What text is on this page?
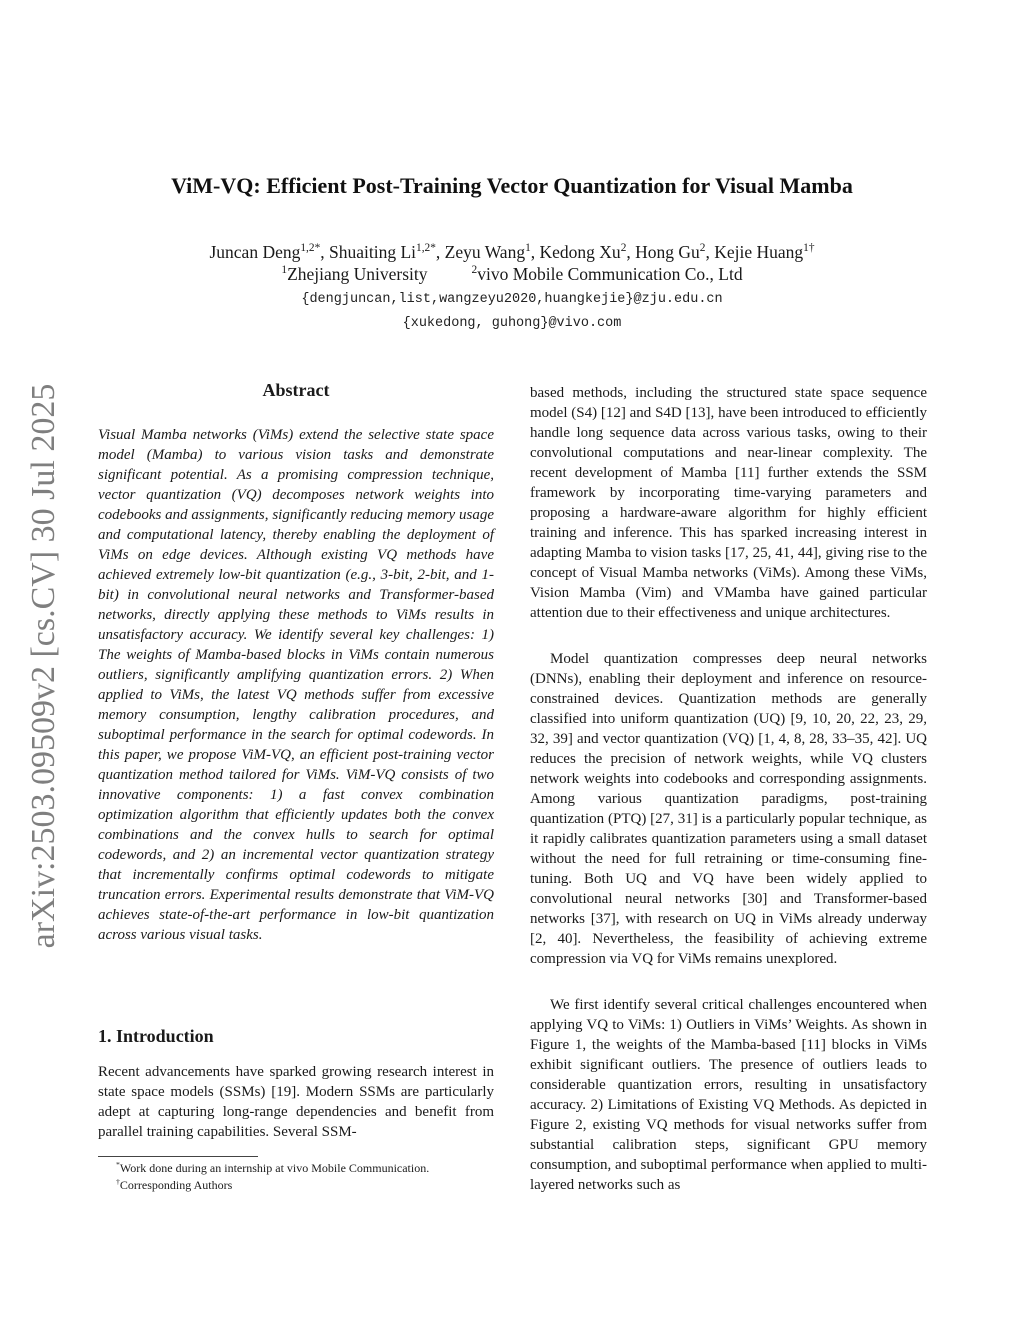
arXiv:2503.09509v2 [cs.CV] 30 Jul 2025
ViM-VQ: Efficient Post-Training Vector Quantization for Visual Mamba
Juncan Deng$^{1,2*}$, Shuaiting $Li^{1,2*}$, Zeyu Wang$^1$, Kedong Xu$^2$, Hong Gu$^2$, Kejie Huang$^{1\dagger}$
$^1$Zhejiang University	$^2$vivo Mobile Communication Co., Ltd
{dengjuncan,list,wangzeyu2020,huangkejie}@zju.edu.cn
{xukedong, guhong}@vivo.com
Abstract
Visual Mamba networks (ViMs) extend the selective state space model (Mamba) to various vision tasks and demonstrate significant potential. As a promising compression technique, vector quantization (VQ) decomposes network weights into codebooks and assignments, significantly reducing memory usage and computational latency, thereby enabling the deployment of ViMs on edge devices. Although existing VQ methods have achieved extremely low-bit quantization (e.g., 3-bit, 2-bit, and 1-bit) in convolutional neural networks and Transformer-based networks, directly applying these methods to ViMs results in unsatisfactory accuracy. We identify several key challenges: 1) The weights of Mamba-based blocks in ViMs contain numerous outliers, significantly amplifying quantization errors. 2) When applied to ViMs, the latest VQ methods suffer from excessive memory consumption, lengthy calibration procedures, and suboptimal performance in the search for optimal codewords. In this paper, we propose ViM-VQ, an efficient post-training vector quantization method tailored for ViMs. ViM-VQ consists of two innovative components: 1) a fast convex combination optimization algorithm that efficiently updates both the convex combinations and the convex hulls to search for optimal codewords, and 2) an incremental vector quantization strategy that incrementally confirms optimal codewords to mitigate truncation errors. Experimental results demonstrate that ViM-VQ achieves state-of-the-art performance in low-bit quantization across various visual tasks.
1. Introduction
Recent advancements have sparked growing research interest in state space models (SSMs) [19]. Modern SSMs are particularly adept at capturing long-range dependencies and benefit from parallel training capabilities. Several SSM-
*Work done during an internship at vivo Mobile Communication.
†Corresponding Authors
based methods, including the structured state space sequence model (S4) [12] and S4D [13], have been introduced to efficiently handle long sequence data across various tasks, owing to their convolutional computations and near-linear complexity. The recent development of Mamba [11] further extends the SSM framework by incorporating time-varying parameters and proposing a hardware-aware algorithm for highly efficient training and inference. This has sparked increasing interest in adapting Mamba to vision tasks [17, 25, 41, 44], giving rise to the concept of Visual Mamba networks (ViMs). Among these ViMs, Vision Mamba (Vim) and VMamba have gained particular attention due to their effectiveness and unique architectures.
Model quantization compresses deep neural networks (DNNs), enabling their deployment and inference on resource-constrained devices. Quantization methods are generally classified into uniform quantization (UQ) [9, 10, 20, 22, 23, 29, 32, 39] and vector quantization (VQ) [1, 4, 8, 28, 33–35, 42]. UQ reduces the precision of network weights, while VQ clusters network weights into codebooks and corresponding assignments. Among various quantization paradigms, post-training quantization (PTQ) [27, 31] is a particularly popular technique, as it rapidly calibrates quantization parameters using a small dataset without the need for full retraining or time-consuming fine-tuning. Both UQ and VQ have been widely applied to convolutional neural networks [30] and Transformer-based networks [37], with research on UQ in ViMs already underway [2, 40]. Nevertheless, the feasibility of achieving extreme compression via VQ for ViMs remains unexplored.
We first identify several critical challenges encountered when applying VQ to ViMs: 1) Outliers in ViMs’ Weights. As shown in Figure 1, the weights of the Mamba-based [11] blocks in ViMs exhibit significant outliers. The presence of outliers leads to considerable quantization errors, resulting in unsatisfactory accuracy. 2) Limitations of Existing VQ Methods. As depicted in Figure 2, existing VQ methods for visual networks suffer from substantial calibration steps, significant GPU memory consumption, and suboptimal performance when applied to multi-layered networks such as
